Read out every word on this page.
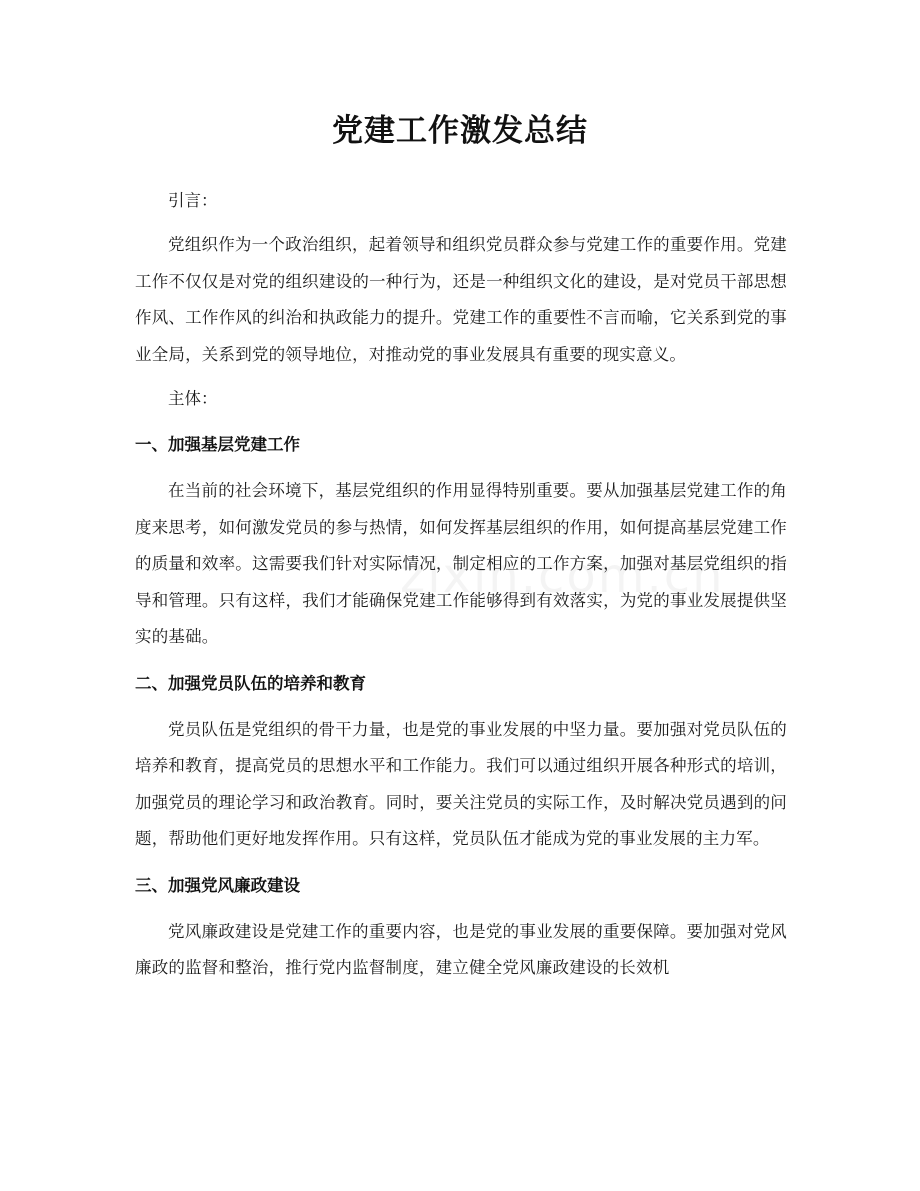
党建工作激发总结

引言：

党组织作为一个政治组织，起着领导和组织党员群众参与党建工作的重要作用。党建工作不仅仅是对党的组织建设的一种行为，还是一种组织文化的建设，是对党员干部思想作风、工作作风的纠治和执政能力的提升。党建工作的重要性不言而喻，它关系到党的事业全局，关系到党的领导地位，对推动党的事业发展具有重要的现实意义。

主体：

一、加强基层党建工作

在当前的社会环境下，基层党组织的作用显得特别重要。要从加强基层党建工作的角度来思考，如何激发党员的参与热情，如何发挥基层组织的作用，如何提高基层党建工作的质量和效率。这需要我们针对实际情况，制定相应的工作方案，加强对基层党组织的指导和管理。只有这样，我们才能确保党建工作能够得到有效落实，为党的事业发展提供坚实的基础。

二、加强党员队伍的培养和教育

党员队伍是党组织的骨干力量，也是党的事业发展的中坚力量。要加强对党员队伍的培养和教育，提高党员的思想水平和工作能力。我们可以通过组织开展各种形式的培训，加强党员的理论学习和政治教育。同时，要关注党员的实际工作，及时解决党员遇到的问题，帮助他们更好地发挥作用。只有这样，党员队伍才能成为党的事业发展的主力军。

三、加强党风廉政建设

党风廉政建设是党建工作的重要内容，也是党的事业发展的重要保障。要加强对党风廉政的监督和整治，推行党内监督制度，建立健全党风廉政建设的长效机
